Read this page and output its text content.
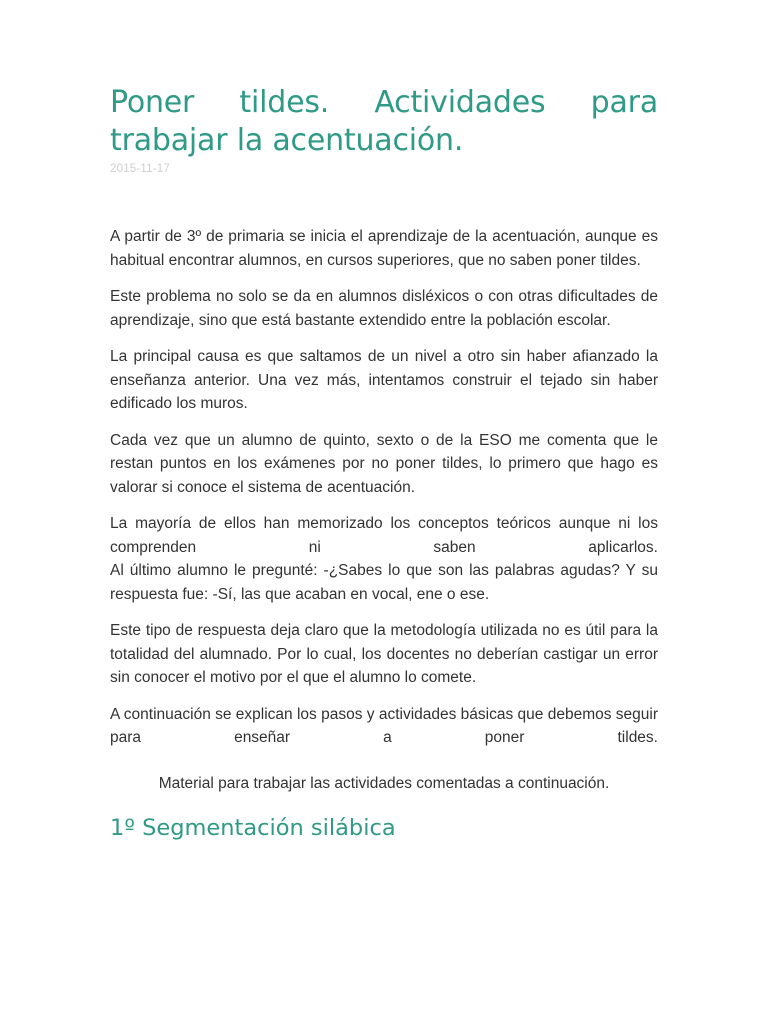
Poner tildes. Actividades para
trabajar la acentuación.
2015-11-17

A partir de 3º de primaria se inicia el aprendizaje de la acentuación, aunque es habitual encontrar alumnos, en cursos superiores, que no saben poner tildes.

Este problema no solo se da en alumnos disléxicos o con otras dificultades de aprendizaje, sino que está bastante extendido entre la población escolar.

La principal causa es que saltamos de un nivel a otro sin haber afianzado la enseñanza anterior. Una vez más, intentamos construir el tejado sin haber edificado los muros.

Cada vez que un alumno de quinto, sexto o de la ESO me comenta que le restan puntos en los exámenes por no poner tildes, lo primero que hago es valorar si conoce el sistema de acentuación.

La mayoría de ellos han memorizado los conceptos teóricos aunque ni los comprenden ni saben aplicarlos.
Al último alumno le pregunté: -¿Sabes lo que son las palabras agudas? Y su respuesta fue: -Sí, las que acaban en vocal, ene o ese.

Este tipo de respuesta deja claro que la metodología utilizada no es útil para la totalidad del alumnado. Por lo cual, los docentes no deberían castigar un error sin conocer el motivo por el que el alumno lo comete.

A continuación se explican los pasos y actividades básicas que debemos seguir para enseñar a poner tildes.

Material para trabajar las actividades comentadas a continuación.
1º Segmentación silábica
